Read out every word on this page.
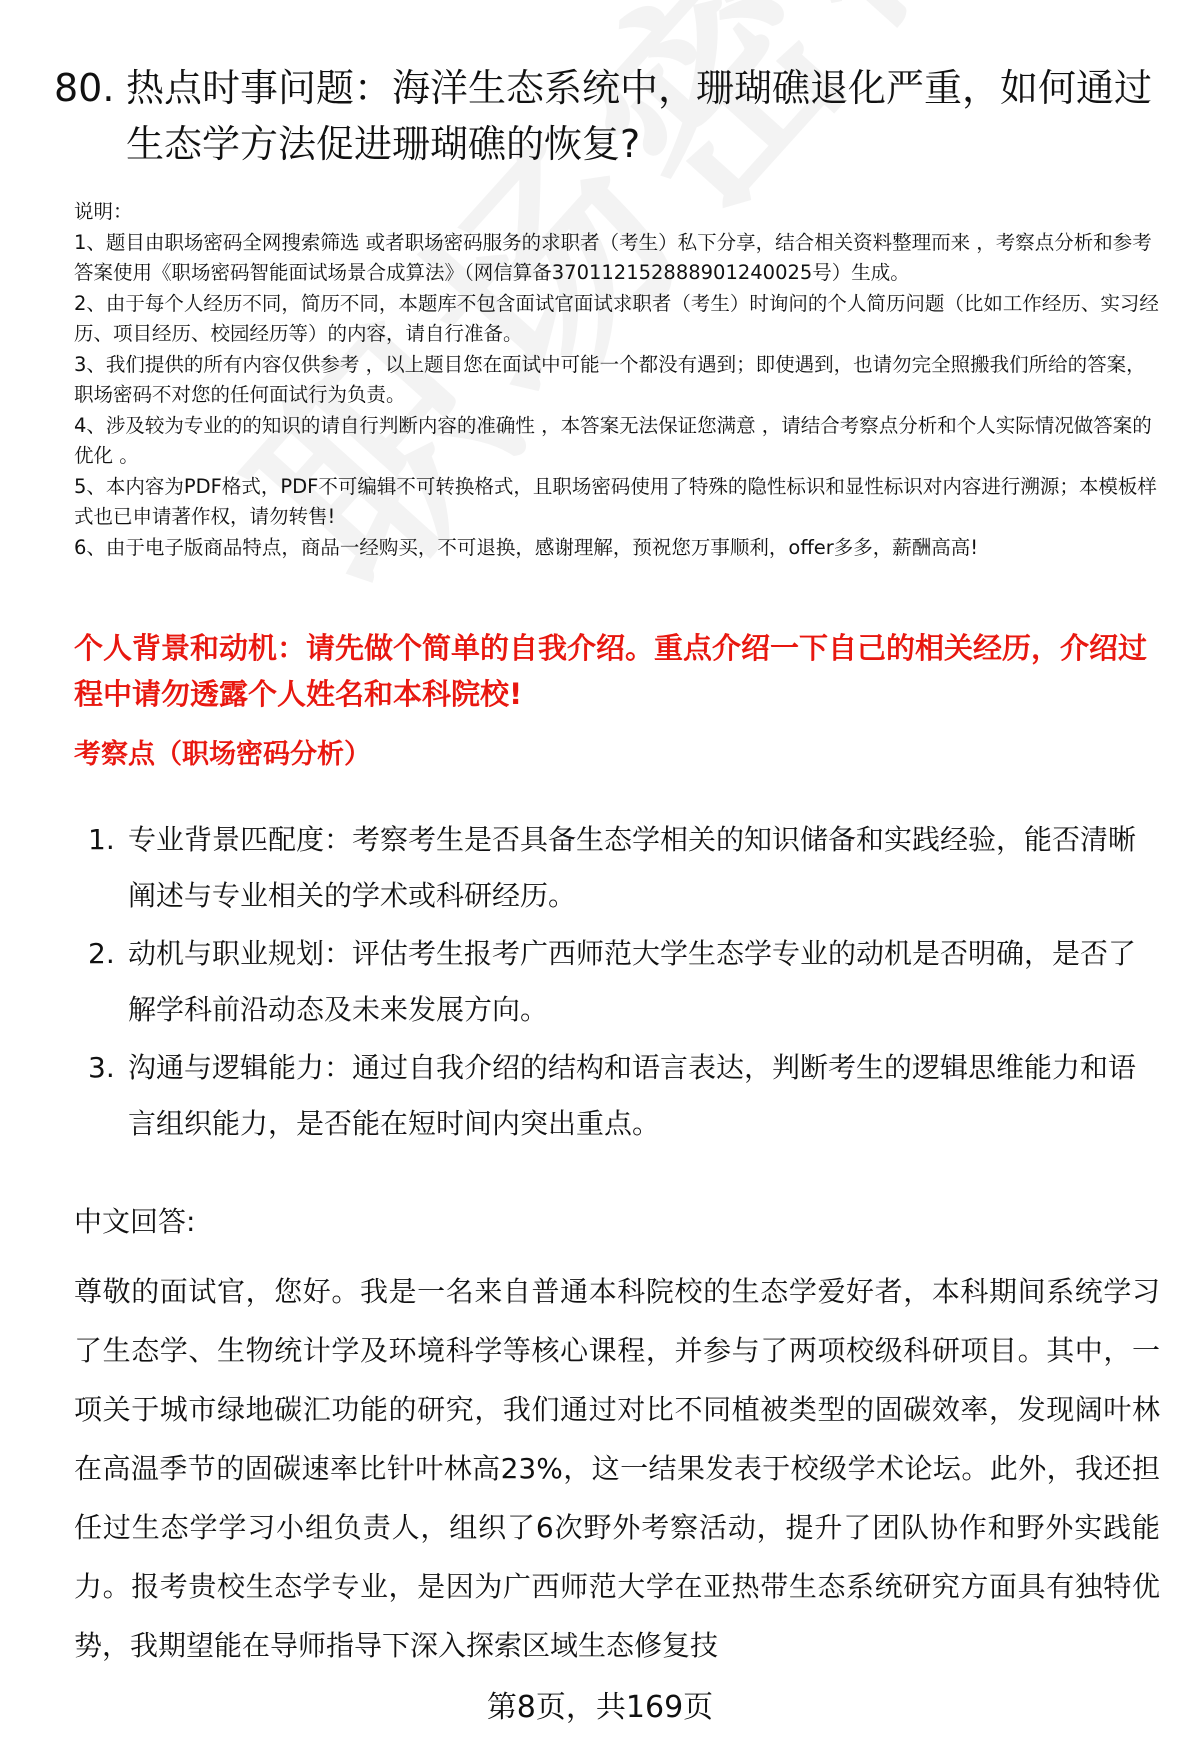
80. 热点时事问题：海洋生态系统中，珊瑚礁退化严重，如何通过生态学方法促进珊瑚礁的恢复?
说明：
1、题目由职场密码全网搜索筛选 或者职场密码服务的求职者（考生）私下分享，结合相关资料整理而来 ，考察点分析和参考答案使用《职场密码智能面试场景合成算法》（网信算备370112152888901240025号）生成。
2、由于每个人经历不同，简历不同，本题库不包含面试官面试求职者（考生）时询问的个人简历问题（比如工作经历、实习经历、项目经历、校园经历等）的内容，请自行准备。
3、我们提供的所有内容仅供参考 ，以上题目您在面试中可能一个都没有遇到；即使遇到，也请勿完全照搬我们所给的答案，职场密码不对您的任何面试行为负责。
4、涉及较为专业的的知识的请自行判断内容的准确性 ，本答案无法保证您满意 ，请结合考察点分析和个人实际情况做答案的优化 。
5、本内容为PDF格式，PDF不可编辑不可转换格式，且职场密码使用了特殊的隐性标识和显性标识对内容进行溯源；本模板样式也已申请著作权，请勿转售!
6、由于电子版商品特点，商品一经购买，不可退换，感谢理解，预祝您万事顺利，offer多多，薪酬高高!
个人背景和动机：请先做个简单的自我介绍。重点介绍一下自己的相关经历，介绍过程中请勿透露个人姓名和本科院校!
考察点（职场密码分析）
1. 专业背景匹配度：考察考生是否具备生态学相关的知识储备和实践经验，能否清晰阐述与专业相关的学术或科研经历。
2. 动机与职业规划：评估考生报考广西师范大学生态学专业的动机是否明确，是否了解学科前沿动态及未来发展方向。
3. 沟通与逻辑能力：通过自我介绍的结构和语言表达，判断考生的逻辑思维能力和语言组织能力，是否能在短时间内突出重点。
中文回答:
尊敬的面试官，您好。我是一名来自普通本科院校的生态学爱好者，本科期间系统学习了生态学、生物统计学及环境科学等核心课程，并参与了两项校级科研项目。其中，一项关于城市绿地碳汇功能的研究，我们通过对比不同植被类型的固碳效率，发现阔叶林在高温季节的固碳速率比针叶林高23%，这一结果发表于校级学术论坛。此外，我还担任过生态学学习小组负责人，组织了6次野外考察活动，提升了团队协作和野外实践能力。报考贵校生态学专业，是因为广西师范大学在亚热带生态系统研究方面具有独特优势，我期望能在导师指导下深入探索区域生态修复技
第8页，共169页
